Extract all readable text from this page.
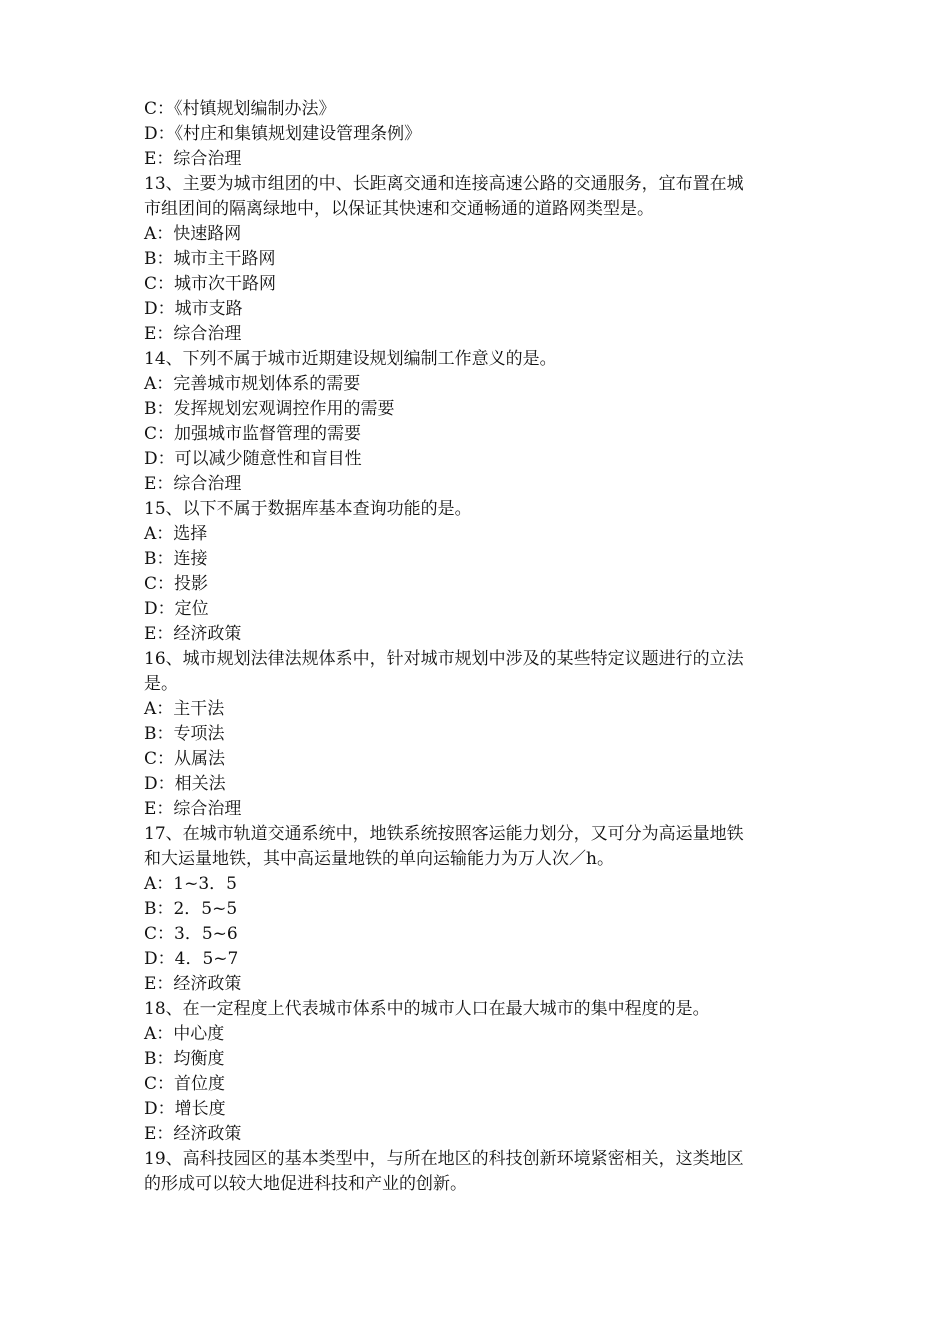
C：《村镇规划编制办法》
D：《村庄和集镇规划建设管理条例》
E：综合治理
13、主要为城市组团的中、长距离交通和连接高速公路的交通服务，宜布置在城
市组团间的隔离绿地中，以保证其快速和交通畅通的道路网类型是。
A：快速路网
B：城市主干路网
C：城市次干路网
D：城市支路
E：综合治理
14、下列不属于城市近期建设规划编制工作意义的是。
A：完善城市规划体系的需要
B：发挥规划宏观调控作用的需要
C：加强城市监督管理的需要
D：可以减少随意性和盲目性
E：综合治理
15、以下不属于数据库基本查询功能的是。
A：选择
B：连接
C：投影
D：定位
E：经济政策
16、城市规划法律法规体系中，针对城市规划中涉及的某些特定议题进行的立法
是。
A：主干法
B：专项法
C：从属法
D：相关法
E：综合治理
17、在城市轨道交通系统中，地铁系统按照客运能力划分，又可分为高运量地铁
和大运量地铁，其中高运量地铁的单向运输能力为万人次／h。
A：1~3．5
B：2．5~5
C：3．5~6
D：4．5~7
E：经济政策
18、在一定程度上代表城市体系中的城市人口在最大城市的集中程度的是。
A：中心度
B：均衡度
C：首位度
D：增长度
E：经济政策
19、高科技园区的基本类型中，与所在地区的科技创新环境紧密相关，这类地区
的形成可以较大地促进科技和产业的创新。
